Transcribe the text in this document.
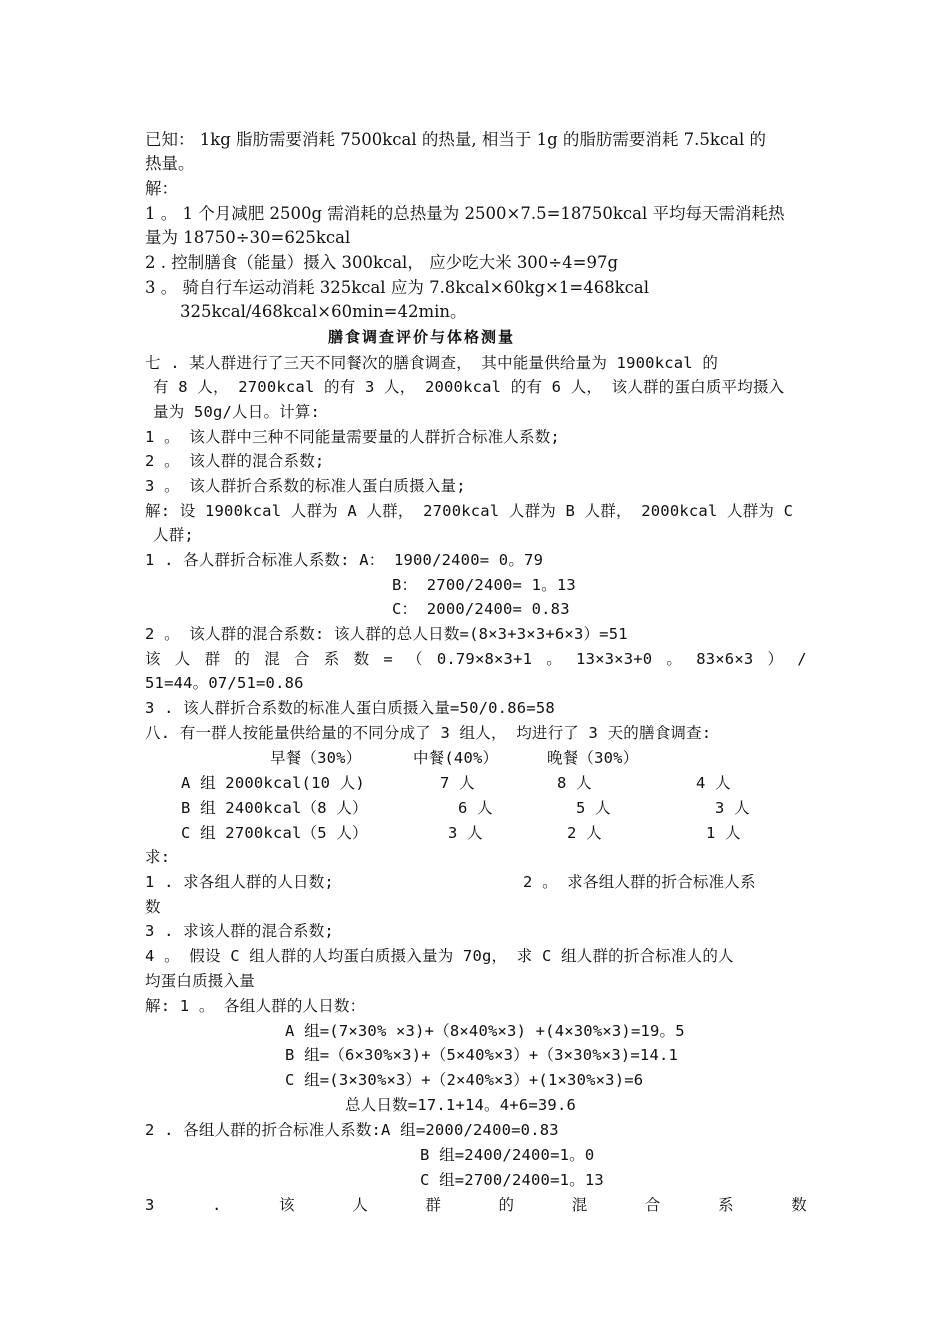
已知： 1kg 脂肪需要消耗 7500kcal 的热量, 相当于 1g 的脂肪需要消耗 7.5kcal 的
热量。
解：
1 。 1 个月减肥 2500g 需消耗的总热量为 2500×7.5=18750kcal 平均每天需消耗热
量为 18750÷30=625kcal
2 . 控制膳食（能量）摄入 300kcal， 应少吃大米 300÷4=97g
3 。 骑自行车运动消耗 325kcal 应为 7.8kcal×60kg×1=468kcal
325kcal/468kcal×60min=42min。
膳食调查评价与体格测量
七 . 某人群进行了三天不同餐次的膳食调查， 其中能量供给量为 1900kcal 的
有 8 人， 2700kcal 的有 3 人， 2000kcal 的有 6 人， 该人群的蛋白质平均摄入
量为 50g/人日。计算:
1 。 该人群中三种不同能量需要量的人群折合标准人系数;
2 。 该人群的混合系数;
3 。 该人群折合系数的标准人蛋白质摄入量;
解: 设 1900kcal 人群为 A 人群， 2700kcal 人群为 B 人群， 2000kcal 人群为 C
人群;
1 . 各人群折合标准人系数: A： 1900/2400= 0。79
B： 2700/2400= 1。13
C： 2000/2400= 0.83
2 。 该人群的混合系数: 该人群的总人日数=(8×3+3×3+6×3）=51
该 人 群 的 混 合 系 数 = （ 0.79×8×3+1 。 13×3×3+0 。 83×6×3 ） /
51=44。07/51=0.86
3 . 该人群折合系数的标准人蛋白质摄入量=50/0.86=58
八. 有一群人按能量供给量的不同分成了 3 组人， 均进行了 3 天的膳食调查:
早餐（30%）	中餐(40%）	晚餐（30%）
A 组 2000kcal(10 人)	7 人	8 人	4 人
B 组 2400kcal（8 人）	6 人	5 人	3 人
C 组 2700kcal（5 人）	3 人	2 人	1 人
求:
1 . 求各组人群的人日数;	2 。 求各组人群的折合标准人系
数
3 . 求该人群的混合系数;
4 。 假设 C 组人群的人均蛋白质摄入量为 70g， 求 C 组人群的折合标准人的人
均蛋白质摄入量
解: 1 。 各组人群的人日数：
A 组=(7×30% ×3)+（8×40%×3) +(4×30%×3)=19。5
B 组=（6×30%×3)+（5×40%×3）+（3×30%×3)=14.1
C 组=(3×30%×3）+（2×40%×3）+(1×30%×3)=6
总人日数=17.1+14。4+6=39.6
2 . 各组人群的折合标准人系数:A 组=2000/2400=0.83
B 组=2400/2400=1。0
C 组=2700/2400=1。13
3	.	该	人	群	的	混	合	系	数
